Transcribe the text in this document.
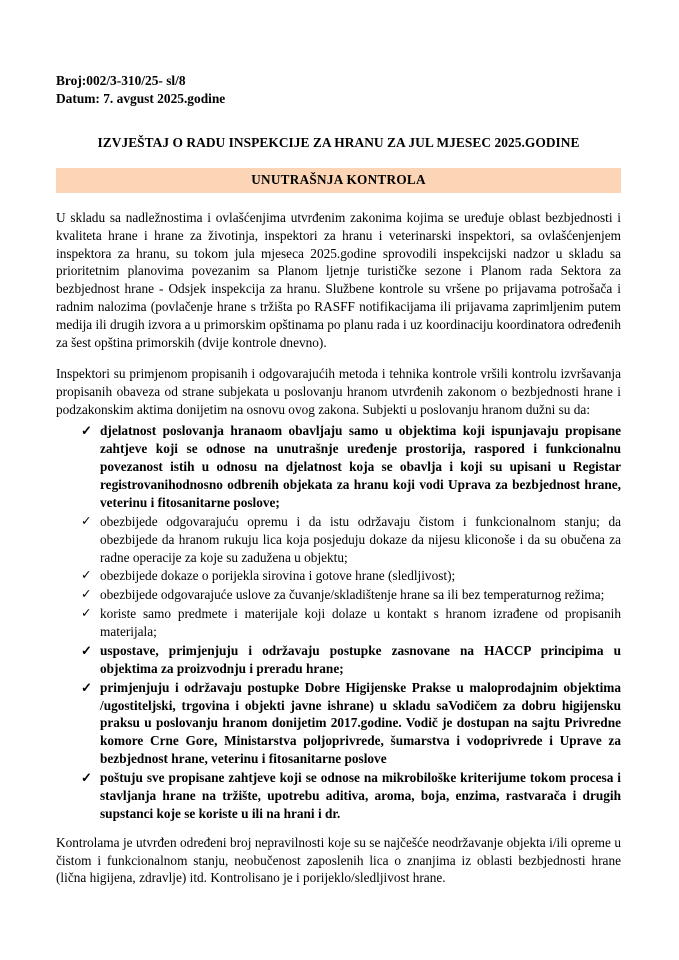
Broj:002/3-310/25- sl/8
Datum: 7. avgust 2025.godine
IZVJEŠTAJ O RADU INSPEKCIJE ZA HRANU ZA JUL MJESEC 2025.GODINE
UNUTRAŠNJA KONTROLA

U skladu sa nadležnostima i ovlašćenjima utvrđenim zakonima kojima se uređuje oblast bezbjednosti i kvaliteta hrane i hrane za životinja, inspektori za hranu i veterinarski inspektori, sa ovlašćenjenjem inspektora za hranu, su tokom jula mjeseca 2025.godine sprovodili inspekcijski nadzor u skladu sa prioritetnim planovima povezanim sa Planom ljetnje turističke sezone i Planom rada Sektora za bezbjednost hrane - Odsjek inspekcija za hranu. Službene kontrole su vršene po prijavama potrošača i radnim nalozima (povlačenje hrane s tržišta po RASFF notifikacijama ili prijavama zaprimljenim putem medija ili drugih izvora a u primorskim opštinama po planu rada i uz koordinaciju koordinatora određenih za šest opština primorskih (dvije kontrole dnevno).

Inspektori su primjenom propisanih i odgovarajućih metoda i tehnika kontrole vršili kontrolu izvršavanja propisanih obaveza od strane subjekata u poslovanju hranom utvrđenih zakonom o bezbjednosti hrane i podzakonskim aktima donijetim na osnovu ovog zakona. Subjekti u poslovanju hranom dužni su da:

✓ djelatnost poslovanja hranaom obavljaju samo u objektima koji ispunjavaju propisane zahtjeve koji se odnose na unutrašnje uređenje prostorija, raspored i funkcionalnu povezanost istih u odnosu na djelatnost koja se obavlja i koji su upisani u Registar registrovanihodnosno odbrenih objekata za hranu koji vodi Uprava za bezbjednost hrane, veterinu i fitosanitarne poslove;
✓ obezbijede odgovarajuću opremu i da istu održavaju čistom i funkcionalnom stanju; da obezbijede da hranom rukuju lica koja posjeduju dokaze da nijesu kliconoše i da su obučena za radne operacije za koje su zadužena u objektu;
✓ obezbijede dokaze o porijekla sirovina i gotove hrane (sledljivost);
✓ obezbijede odgovarajuće uslove za čuvanje/skladištenje hrane sa ili bez temperaturnog režima;
✓ koriste samo predmete i materijale koji dolaze u kontakt s hranom izrađene od propisanih materijala;
✓ uspostave, primjenjuju i održavaju postupke zasnovane na HACCP principima u objektima za proizvodnju i preradu hrane;
✓ primjenjuju i održavaju postupke Dobre Higijenske Prakse u maloprodajnim objektima /ugostiteljski, trgovina i objekti javne ishrane) u skladu saVodičem za dobru higijensku praksu u poslovanju hranom donijetim 2017.godine. Vodič je dostupan na sajtu Privredne komore Crne Gore, Ministarstva poljoprivrede, šumarstva i vodoprivrede i Uprave za bezbjednost hrane, veterinu i fitosanitarne poslove
✓ poštuju sve propisane zahtjeve koji se odnose na mikrobiloške kriterijume tokom procesa i stavljanja hrane na tržište, upotrebu aditiva, aroma, boja, enzima, rastvarača i drugih supstanci koje se koriste u ili na hrani i dr.

Kontrolama je utvrđen određeni broj nepravilnosti koje su se najčešće neodržavanje objekta i/ili opreme u čistom i funkcionalnom stanju, neobučenost zaposlenih lica o znanjima iz oblasti bezbjednosti hrane (lična higijena, zdravlje) itd. Kontrolisano je i porijeklo/sledljivost hrane.
